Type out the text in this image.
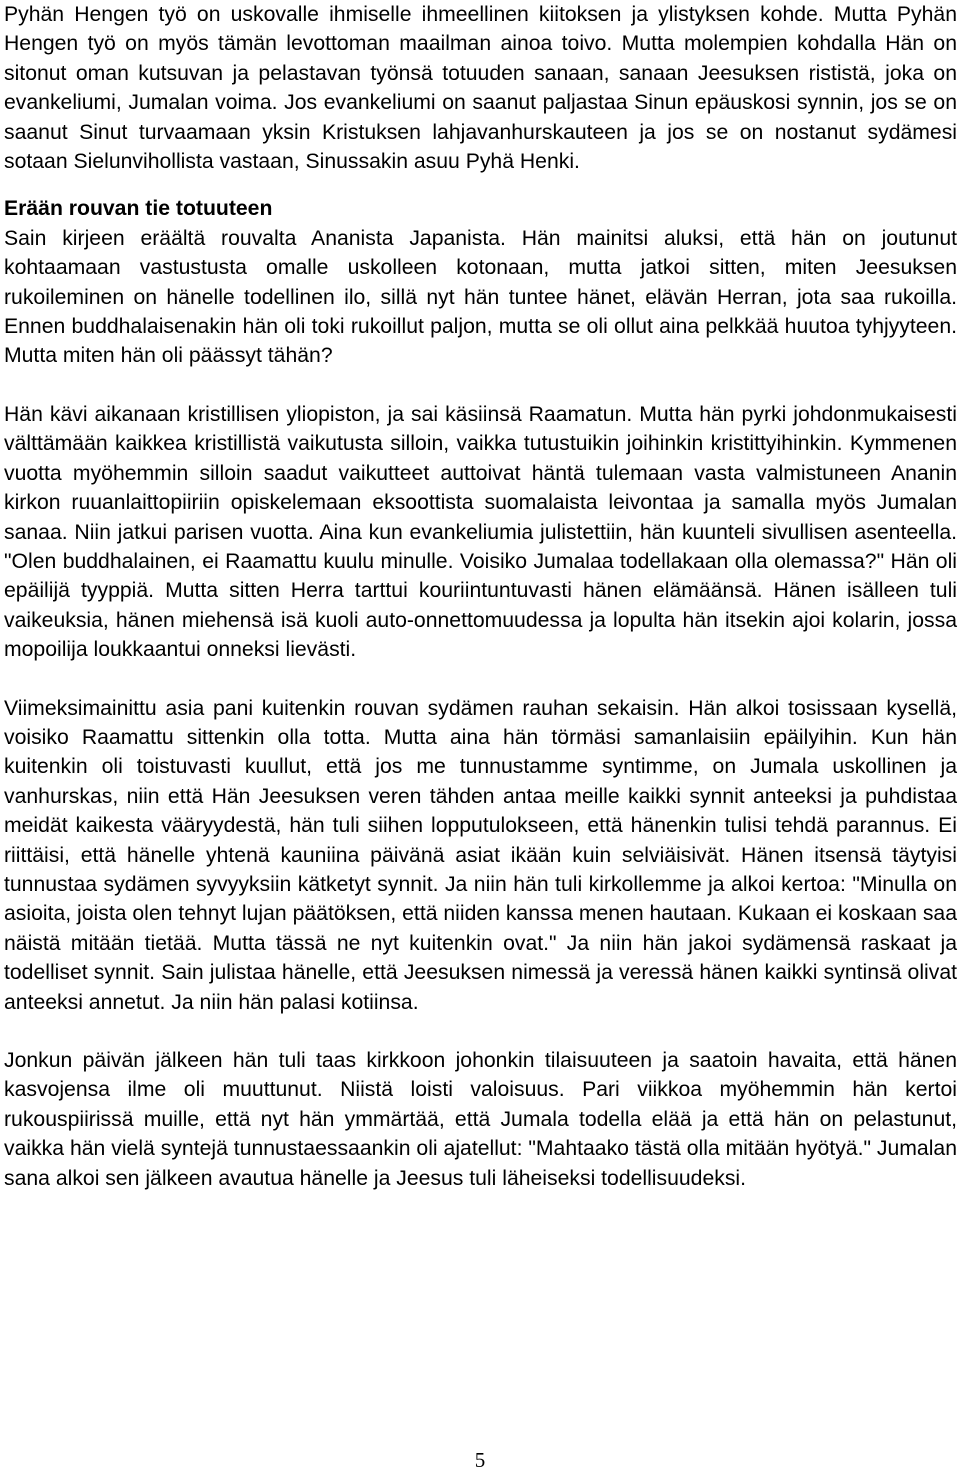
Pyhän Hengen työ on uskovalle ihmiselle ihmeellinen kiitoksen ja ylistyksen kohde. Mutta Pyhän Hengen työ on myös tämän levottoman maailman ainoa toivo. Mutta molempien kohdalla Hän on sitonut oman kutsuvan ja pelastavan työnsä totuuden sanaan, sanaan Jeesuksen rististä, joka on evankeliumi, Jumalan voima. Jos evankeliumi on saanut paljastaa Sinun epäuskosi synnin, jos se on saanut Sinut turvaamaan yksin Kristuksen lahjavanhurskauteen ja jos se on nostanut sydämesi sotaan Sielunvihollista vastaan, Sinussakin asuu Pyhä Henki.

Erään rouvan tie totuuteen

Sain kirjeen eräältä rouvalta Ananista Japanista. Hän mainitsi aluksi, että hän on joutunut kohtaamaan vastustusta omalle uskolleen kotonaan, mutta jatkoi sitten, miten Jeesuksen rukoileminen on hänelle todellinen ilo, sillä nyt hän tuntee hänet, elävän Herran, jota saa rukoilla. Ennen buddhalaisenakin hän oli toki rukoillut paljon, mutta se oli ollut aina pelkkää huutoa tyhjyyteen. Mutta miten hän oli päässyt tähän?

Hän kävi aikanaan kristillisen yliopiston, ja sai käsiinsä Raamatun. Mutta hän pyrki johdonmukaisesti välttämään kaikkea kristillistä vaikutusta silloin, vaikka tutustuikin joihinkin kristittyihinkin. Kymmenen vuotta myöhemmin silloin saadut vaikutteet auttoivat häntä tulemaan vasta valmistuneen Ananin kirkon ruuanlaittopiiriin opiskelemaan eksoottista suomalaista leivontaa ja samalla myös Jumalan sanaa. Niin jatkui parisen vuotta. Aina kun evankeliumia julistettiin, hän kuunteli sivullisen asenteella. "Olen buddhalainen, ei Raamattu kuulu minulle. Voisiko Jumalaa todellakaan olla olemassa?" Hän oli epäilijä tyyppiä. Mutta sitten Herra tarttui kouriintuntuvasti hänen elämäänsä. Hänen isälleen tuli vaikeuksia, hänen miehensä isä kuoli auto-onnettomuudessa ja lopulta hän itsekin ajoi kolarin, jossa mopoilija loukkaantui onneksi lievästi.

Viimeksimainittu asia pani kuitenkin rouvan sydämen rauhan sekaisin. Hän alkoi tosissaan kysellä, voisiko Raamattu sittenkin olla totta. Mutta aina hän törmäsi samanlaisiin epäilyihin. Kun hän kuitenkin oli toistuvasti kuullut, että jos me tunnustamme syntimme, on Jumala uskollinen ja vanhurskas, niin että Hän Jeesuksen veren tähden antaa meille kaikki synnit anteeksi ja puhdistaa meidät kaikesta vääryydestä, hän tuli siihen lopputulokseen, että hänenkin tulisi tehdä parannus. Ei riittäisi, että hänelle yhtenä kauniina päivänä asiat ikään kuin selviäisivät. Hänen itsensä täytyisi tunnustaa sydämen syvyyksiin kätketyt synnit. Ja niin hän tuli kirkollemme ja alkoi kertoa: "Minulla on asioita, joista olen tehnyt lujan päätöksen, että niiden kanssa menen hautaan. Kukaan ei koskaan saa näistä mitään tietää. Mutta tässä ne nyt kuitenkin ovat." Ja niin hän jakoi sydämensä raskaat ja todelliset synnit. Sain julistaa hänelle, että Jeesuksen nimessä ja veressä hänen kaikki syntinsä olivat anteeksi annetut. Ja niin hän palasi kotiinsa.

Jonkun päivän jälkeen hän tuli taas kirkkoon johonkin tilaisuuteen ja saatoin havaita, että hänen kasvojensa ilme oli muuttunut. Niistä loisti valoisuus. Pari viikkoa myöhemmin hän kertoi rukouspiirissä muille, että nyt hän ymmärtää, että Jumala todella elää ja että hän on pelastunut, vaikka hän vielä syntejä tunnustaessaankin oli ajatellut: "Mahtaako tästä olla mitään hyötyä." Jumalan sana alkoi sen jälkeen avautua hänelle ja Jeesus tuli läheiseksi todellisuudeksi.

5
